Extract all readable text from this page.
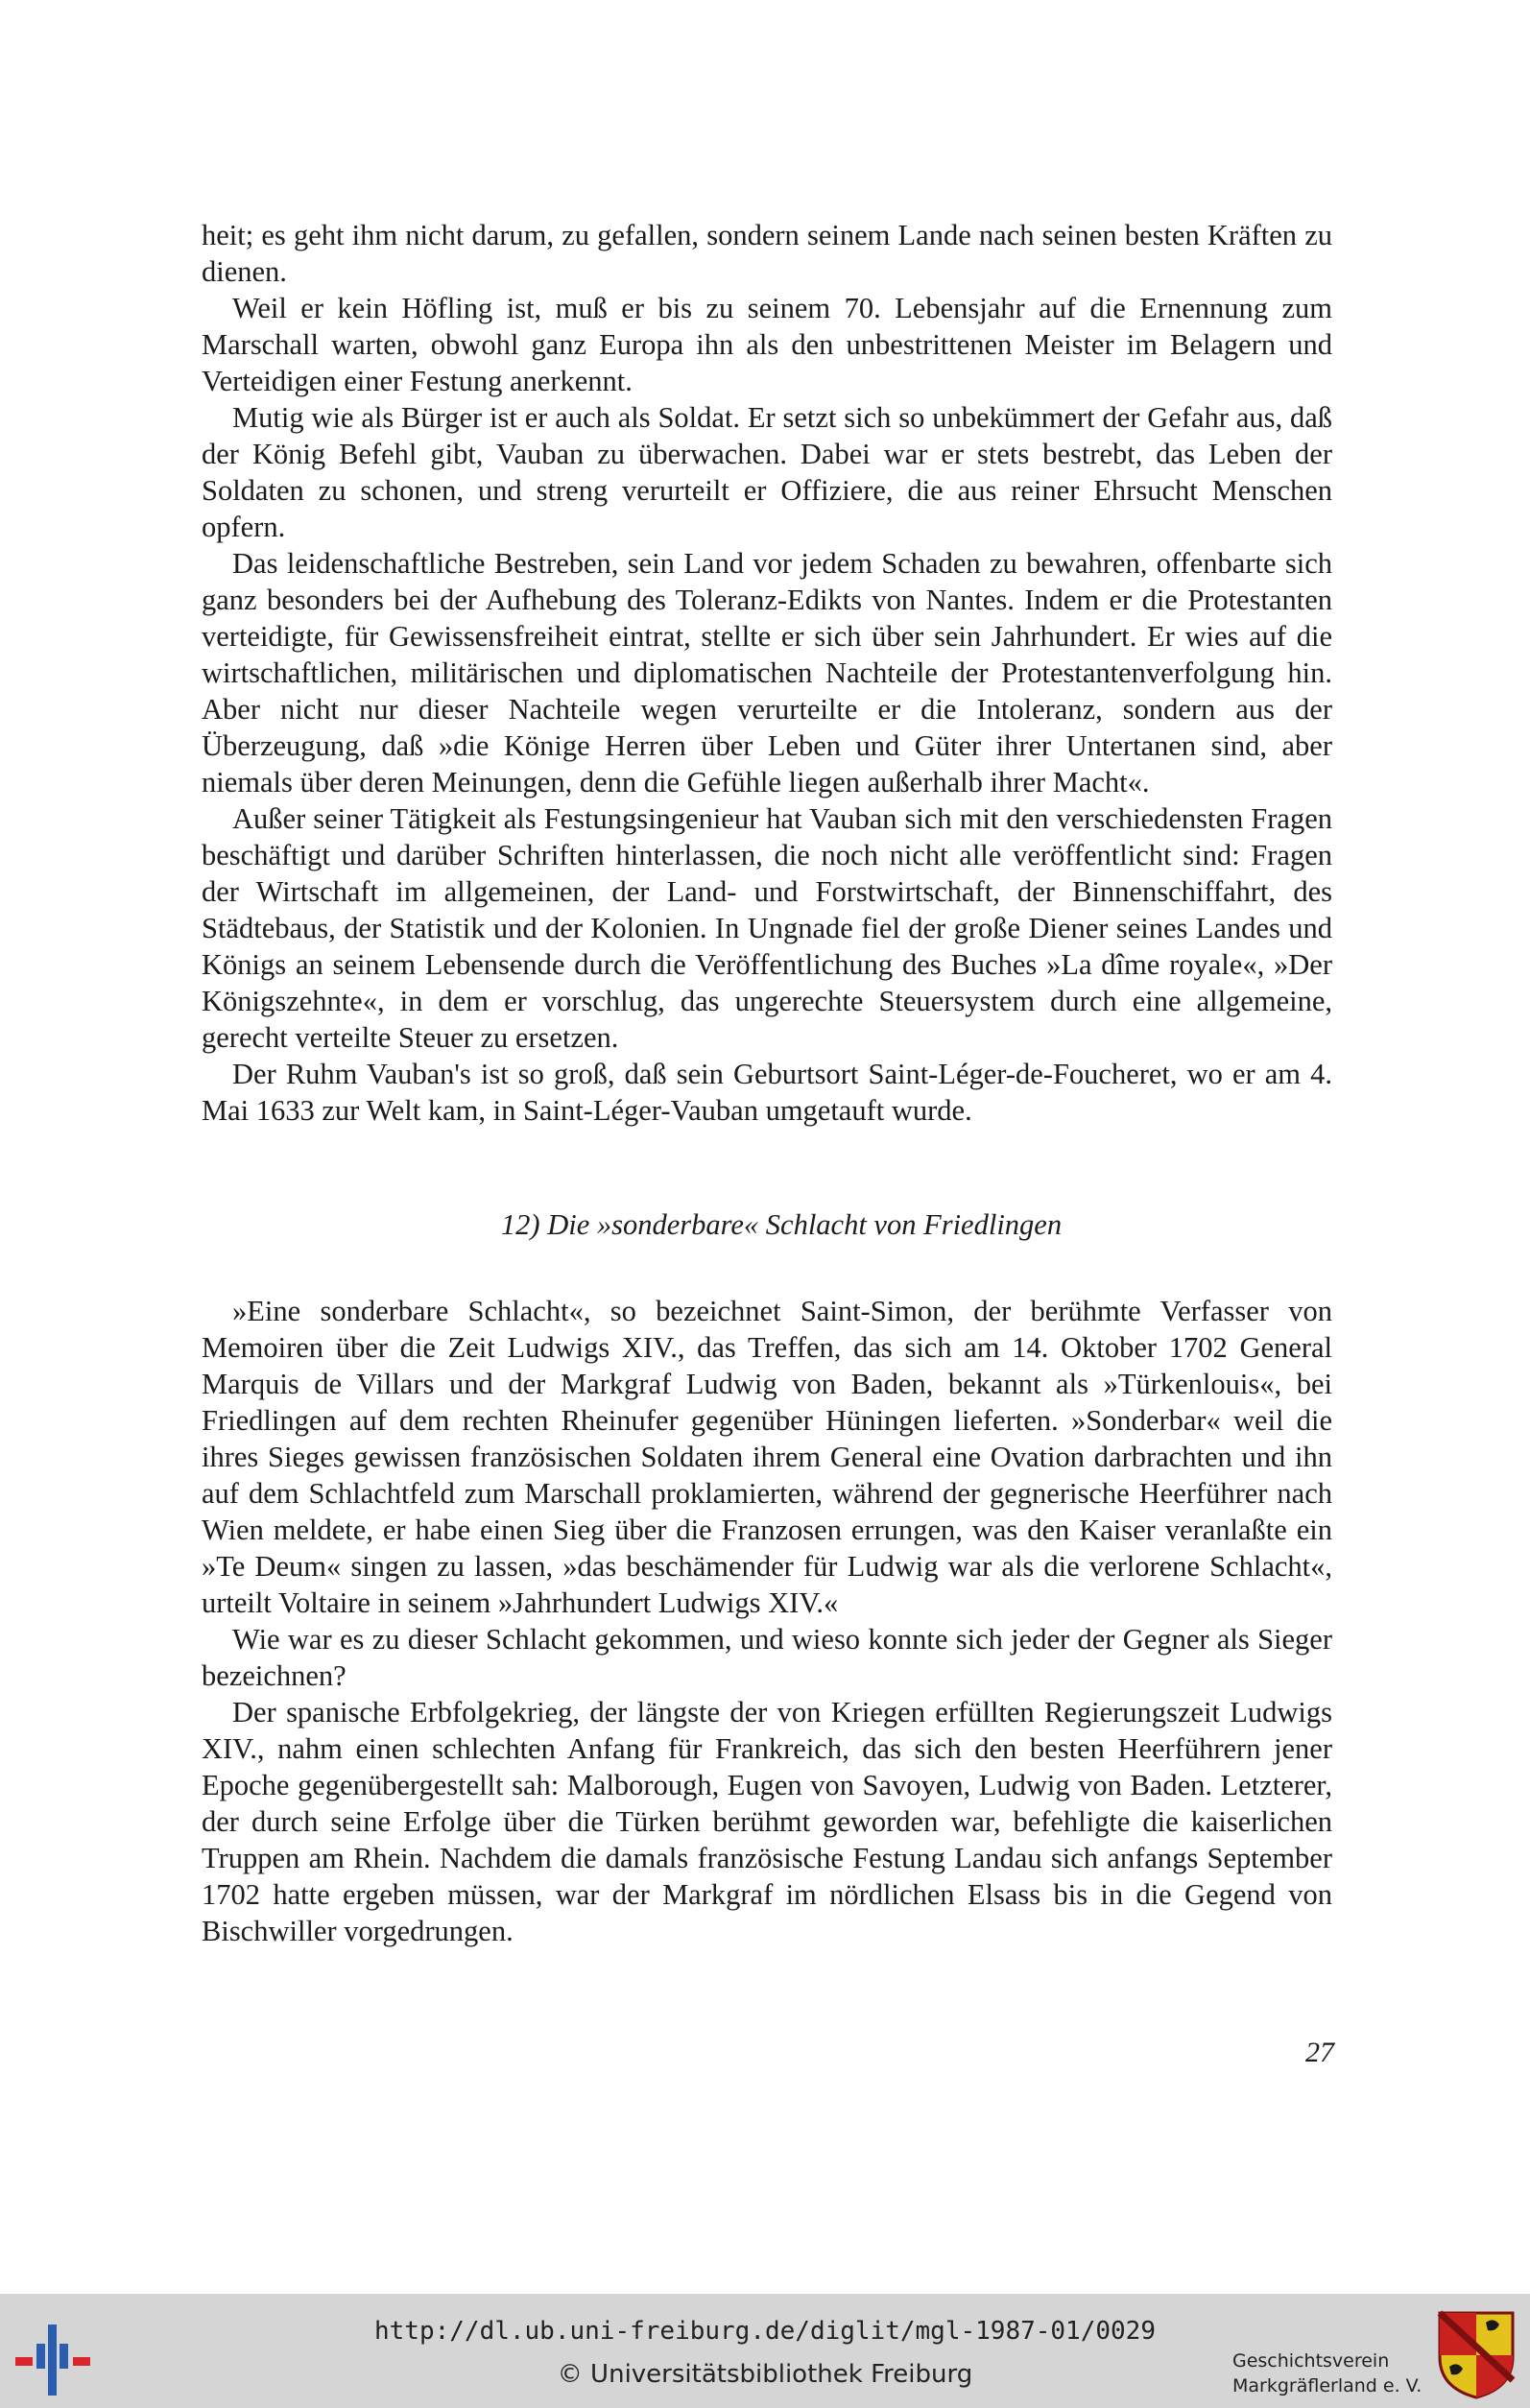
heit; es geht ihm nicht darum, zu gefallen, sondern seinem Lande nach seinen besten Kräften zu dienen.

Weil er kein Höfling ist, muß er bis zu seinem 70. Lebensjahr auf die Ernennung zum Marschall warten, obwohl ganz Europa ihn als den unbestrittenen Meister im Belagern und Verteidigen einer Festung anerkennt.

Mutig wie als Bürger ist er auch als Soldat. Er setzt sich so unbekümmert der Gefahr aus, daß der König Befehl gibt, Vauban zu überwachen. Dabei war er stets bestrebt, das Leben der Soldaten zu schonen, und streng verurteilt er Offiziere, die aus reiner Ehrsucht Menschen opfern.

Das leidenschaftliche Bestreben, sein Land vor jedem Schaden zu bewahren, offenbarte sich ganz besonders bei der Aufhebung des Toleranz-Edikts von Nantes. Indem er die Protestanten verteidigte, für Gewissensfreiheit eintrat, stellte er sich über sein Jahrhundert. Er wies auf die wirtschaftlichen, militärischen und diplomatischen Nachteile der Protestantenverfolgung hin. Aber nicht nur dieser Nachteile wegen verurteilte er die Intoleranz, sondern aus der Überzeugung, daß »die Könige Herren über Leben und Güter ihrer Untertanen sind, aber niemals über deren Meinungen, denn die Gefühle liegen außerhalb ihrer Macht«.

Außer seiner Tätigkeit als Festungsingenieur hat Vauban sich mit den verschiedensten Fragen beschäftigt und darüber Schriften hinterlassen, die noch nicht alle veröffentlicht sind: Fragen der Wirtschaft im allgemeinen, der Land- und Forstwirtschaft, der Binnenschiffahrt, des Städtebaus, der Statistik und der Kolonien. In Ungnade fiel der große Diener seines Landes und Königs an seinem Lebensende durch die Veröffentlichung des Buches »La dîme royale«, »Der Königszehnte«, in dem er vorschlug, das ungerechte Steuersystem durch eine allgemeine, gerecht verteilte Steuer zu ersetzen.

Der Ruhm Vauban's ist so groß, daß sein Geburtsort Saint-Léger-de-Foucheret, wo er am 4. Mai 1633 zur Welt kam, in Saint-Léger-Vauban umgetauft wurde.

12) Die »sonderbare« Schlacht von Friedlingen

»Eine sonderbare Schlacht«, so bezeichnet Saint-Simon, der berühmte Verfasser von Memoiren über die Zeit Ludwigs XIV., das Treffen, das sich am 14. Oktober 1702 General Marquis de Villars und der Markgraf Ludwig von Baden, bekannt als »Türkenlouis«, bei Friedlingen auf dem rechten Rheinufer gegenüber Hüningen lieferten. »Sonderbar« weil die ihres Sieges gewissen französischen Soldaten ihrem General eine Ovation darbrachten und ihn auf dem Schlachtfeld zum Marschall proklamierten, während der gegnerische Heerführer nach Wien meldete, er habe einen Sieg über die Franzosen errungen, was den Kaiser veranlaßte ein »Te Deum« singen zu lassen, »das beschämender für Ludwig war als die verlorene Schlacht«, urteilt Voltaire in seinem »Jahrhundert Ludwigs XIV.«

Wie war es zu dieser Schlacht gekommen, und wieso konnte sich jeder der Gegner als Sieger bezeichnen?

Der spanische Erbfolgekrieg, der längste der von Kriegen erfüllten Regierungszeit Ludwigs XIV., nahm einen schlechten Anfang für Frankreich, das sich den besten Heerführern jener Epoche gegenübergestellt sah: Malborough, Eugen von Savoyen, Ludwig von Baden. Letzterer, der durch seine Erfolge über die Türken berühmt geworden war, befehligte die kaiserlichen Truppen am Rhein. Nachdem die damals französische Festung Landau sich anfangs September 1702 hatte ergeben müssen, war der Markgraf im nördlichen Elsass bis in die Gegend von Bischwiller vorgedrungen.

27
http://dl.ub.uni-freiburg.de/diglit/mgl-1987-01/0029
© Universitätsbibliothek Freiburg	Geschichtsverein
Markgräflerland e. V.
